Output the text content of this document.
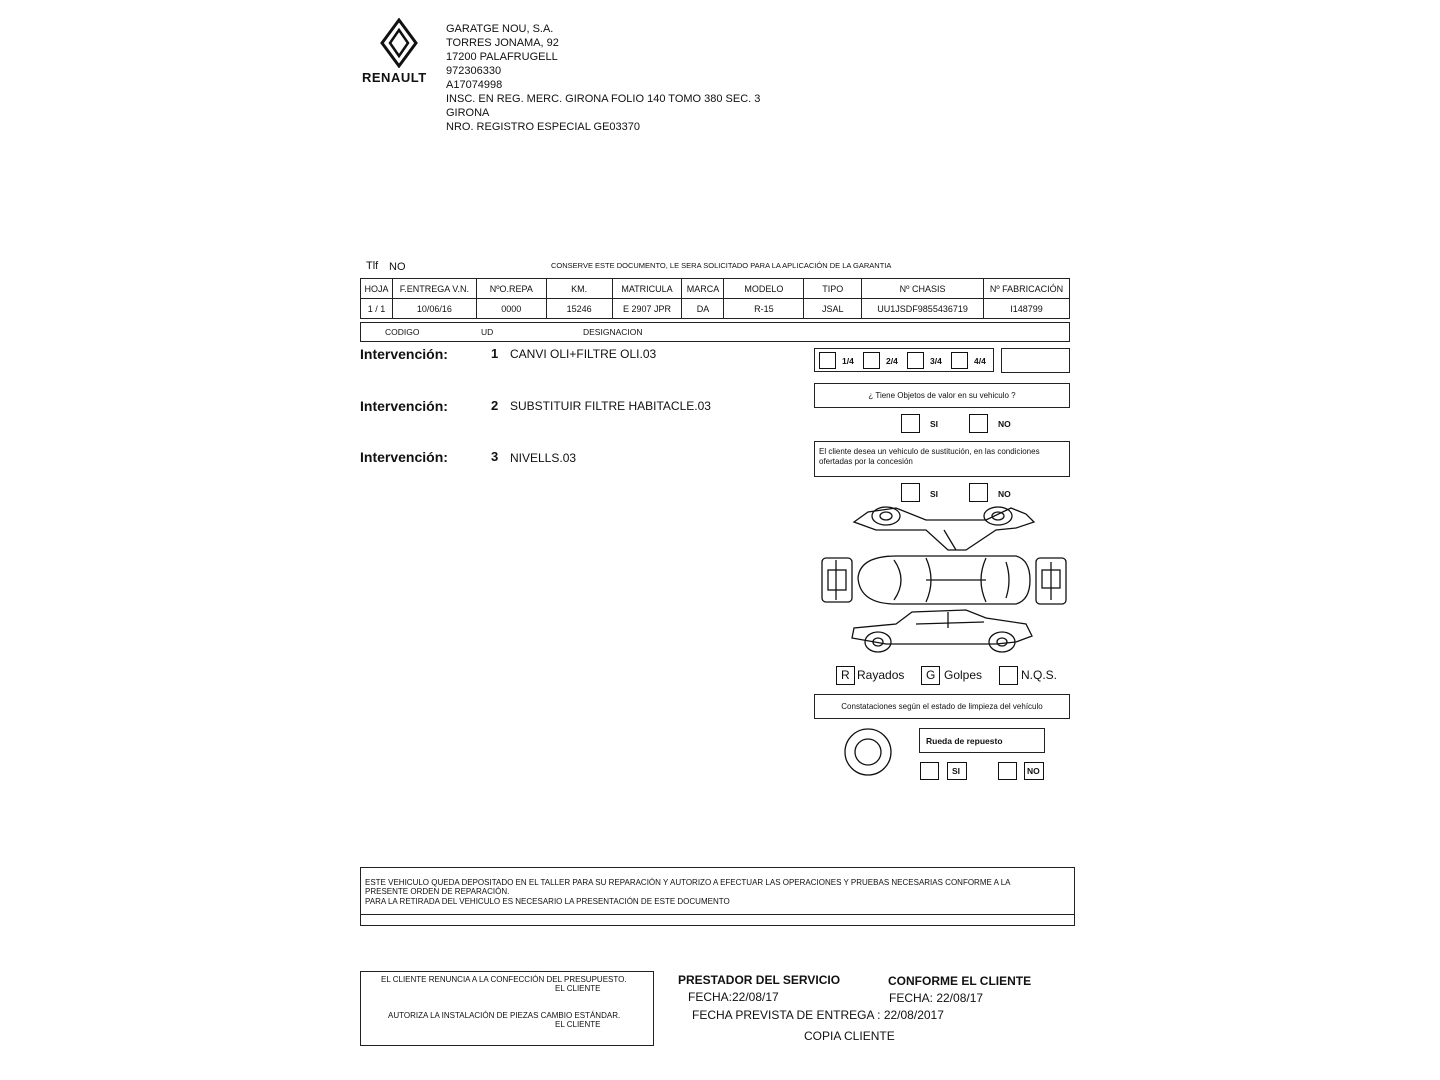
RENAULT
GARATGE NOU, S.A.
TORRES JONAMA, 92
17200 PALAFRUGELL
972306330
A17074998
INSC. EN REG. MERC. GIRONA FOLIO 140 TOMO 380 SEC. 3
GIRONA
NRO. REGISTRO ESPECIAL GE03370
Tlf NO	CONSERVE ESTE DOCUMENTO, LE SERA SOLICITADO PARA LA APLICACIÓN DE LA GARANTIA
HOJA	F.ENTREGA V.N.	NºO.REPA	KM.	MATRICULA	MARCA	MODELO	TIPO	Nº CHASIS	Nº FABRICACIÓN
1 / 1	10/06/16	0000	15246	E 2907 JPR	DA	R-15	JSAL	UU1JSDF9855436719	I148799
CODIGO	UD	DESIGNACION
Intervención:	1 CANVI OLI+FILTRE OLI.03
Intervención:	2 SUBSTITUIR FILTRE HABITACLE.03
Intervención:	3 NIVELLS.03
1/4	2/4	3/4	4/4
¿ Tiene Objetos de valor en su vehiculo ?
SI	NO
El cliente desea un vehiculo de sustitución, en las condiciones ofertadas por la concesión
SI	NO
R Rayados G Golpes	N.Q.S.
Constataciones según el estado de limpieza del vehículo
Rueda de repuesto
SI	NO
ESTE VEHICULO QUEDA DEPOSITADO EN EL TALLER PARA SU REPARACIÓN Y AUTORIZO A EFECTUAR LAS OPERACIONES Y PRUEBAS NECESARIAS CONFORME A LA
PRESENTE ORDEN DE REPARACIÓN.
PARA LA RETIRADA DEL VEHICULO ES NECESARIO LA PRESENTACIÓN DE ESTE DOCUMENTO
EL CLIENTE RENUNCIA A LA CONFECCIÓN DEL PRESUPUESTO.
EL CLIENTE
AUTORIZA LA INSTALACIÓN DE PIEZAS CAMBIO ESTÁNDAR.
EL CLIENTE
PRESTADOR DEL SERVICIO	CONFORME EL CLIENTE
FECHA:22/08/17	FECHA: 22/08/17
FECHA PREVISTA DE ENTREGA : 22/08/2017
COPIA CLIENTE
